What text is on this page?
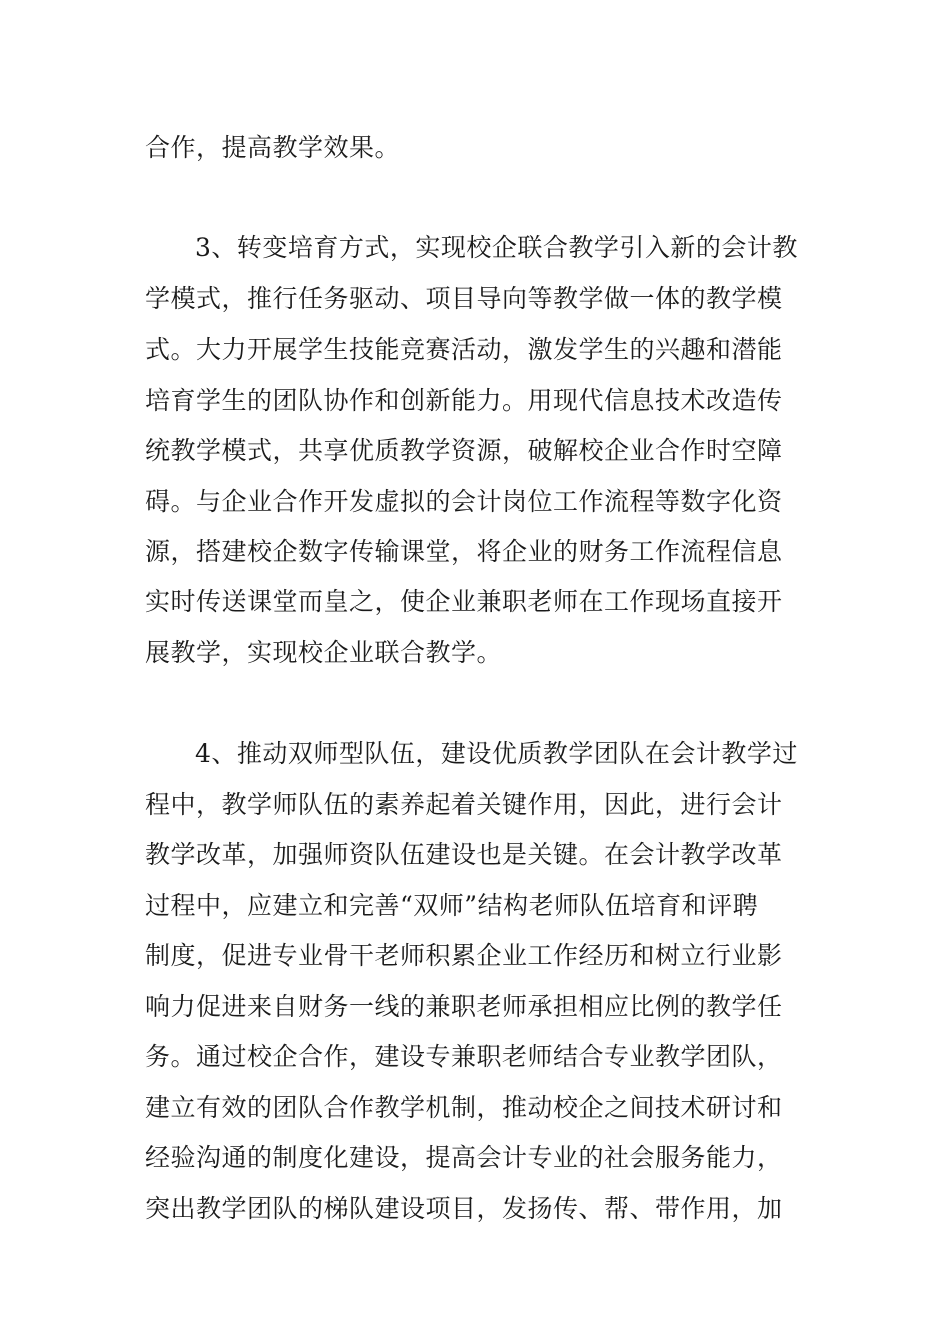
合作，提高教学效果。
3、转变培育方式，实现校企联合教学引入新的会计教
学模式，推行任务驱动、项目导向等教学做一体的教学模
式。大力开展学生技能竞赛活动，激发学生的兴趣和潜能
培育学生的团队协作和创新能力。用现代信息技术改造传
统教学模式，共享优质教学资源，破解校企业合作时空障
碍。与企业合作开发虚拟的会计岗位工作流程等数字化资
源，搭建校企数字传输课堂，将企业的财务工作流程信息
实时传送课堂而皇之，使企业兼职老师在工作现场直接开
展教学，实现校企业联合教学。
4、推动双师型队伍，建设优质教学团队在会计教学过
程中，教学师队伍的素养起着关键作用，因此，进行会计
教学改革，加强师资队伍建设也是关键。在会计教学改革
过程中，应建立和完善“双师”结构老师队伍培育和评聘
制度，促进专业骨干老师积累企业工作经历和树立行业影
响力促进来自财务一线的兼职老师承担相应比例的教学任
务。通过校企合作，建设专兼职老师结合专业教学团队，
建立有效的团队合作教学机制，推动校企之间技术研讨和
经验沟通的制度化建设，提高会计专业的社会服务能力，
突出教学团队的梯队建设项目，发扬传、帮、带作用，加
